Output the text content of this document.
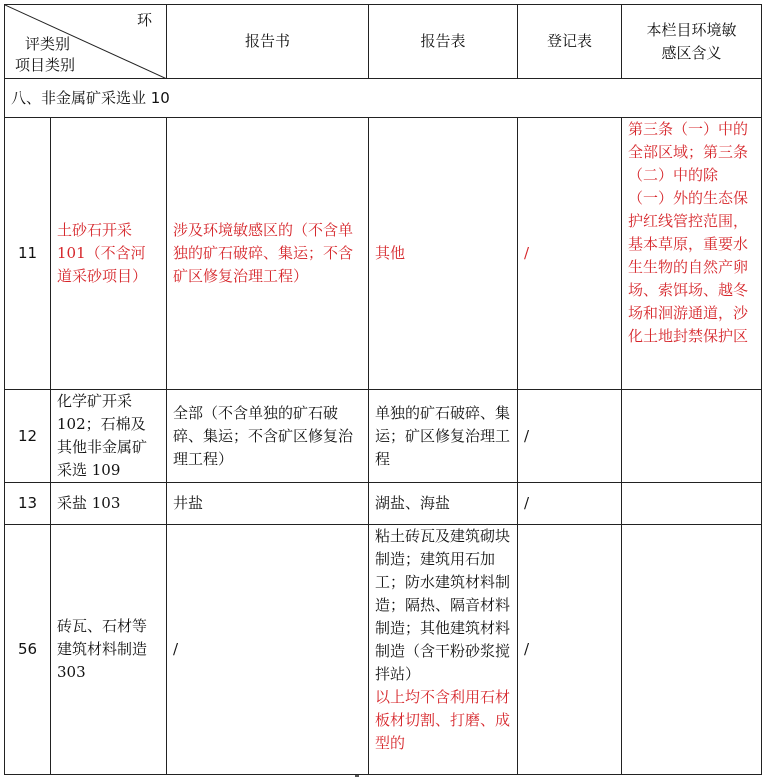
环
评类别
项目类别		报告书	报告表	登记表	本栏目环境敏
感区含义

八、非金属矿采选业 10					
11	土砂石开采101（不含河道采砂项目）	涉及环境敏感区的（不含单独的矿石破碎、集运；不含矿区修复治理工程）	其他	/	第三条（一）中的全部区域；第三条（二）中的除（一）外的生态保护红线管控范围，基本草原，重要水生生物的自然产卵场、索饵场、越冬场和洄游通道，沙化土地封禁保护区
12	化学矿开采102；石棉及其他非金属矿采选 109	全部（不含单独的矿石破碎、集运；不含矿区修复治理工程）	单独的矿石破碎、集运；矿区修复治理工程	/	
13	采盐 103	井盐	湖盐、海盐	/	
56	砖瓦、石材等建筑材料制造 303	/	粘土砖瓦及建筑砌块制造；建筑用石加工；防水建筑材料制造；隔热、隔音材料制造；其他建筑材料制造（含干粉砂浆搅拌站）
以上均不含利用石材板材切割、打磨、成型的	/	
